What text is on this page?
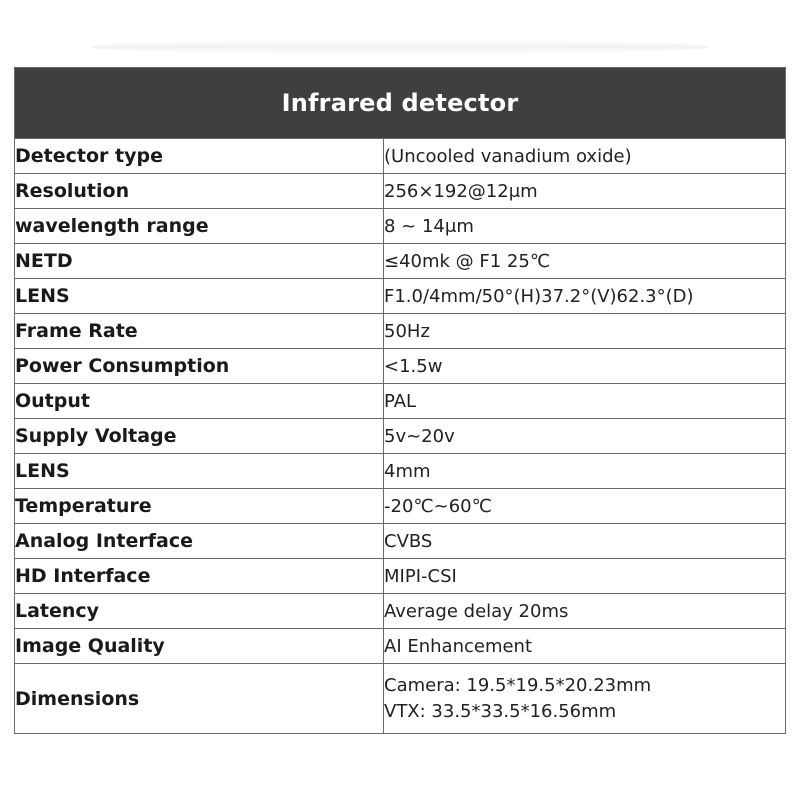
Infrared detector	
Detector type	(Uncooled vanadium oxide)
Resolution	256×192@12μm
wavelength range	8 ~ 14μm
NETD	≤40mk @ F1 25℃
LENS	F1.0/4mm/50°(H)37.2°(V)62.3°(D)
Frame Rate	50Hz
Power Consumption	<1.5w
Output	PAL
Supply Voltage	5v~20v
LENS	4mm
Temperature	-20℃~60℃
Analog Interface	CVBS
HD Interface	MIPI-CSI
Latency	Average delay 20ms
Image Quality	AI Enhancement
Dimensions	Camera: 19.5*19.5*20.23mm
VTX: 33.5*33.5*16.56mm
